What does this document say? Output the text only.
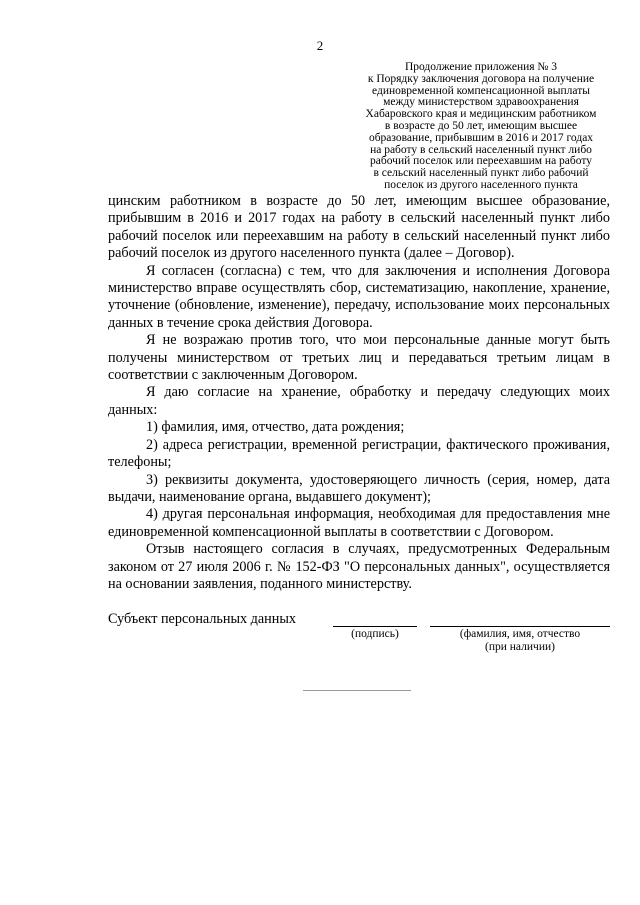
2
Продолжение приложения № 3
к Порядку заключения договора на получение
единовременной компенсационной выплаты
между министерством здравоохранения
Хабаровского края и медицинским работником
в возрасте до 50 лет, имеющим высшее
образование, прибывшим в 2016 и 2017 годах
на работу в сельский населенный пункт либо
рабочий поселок или переехавшим на работу
в сельский населенный пункт либо рабочий
поселок из другого населенного пункта

цинским работником в возрасте до 50 лет, имеющим высшее образование, прибывшим в 2016 и 2017 годах на работу в сельский населенный пункт либо рабочий поселок или переехавшим на работу в сельский населенный пункт либо рабочий поселок из другого населенного пункта (далее – Договор).

Я согласен (согласна) с тем, что для заключения и исполнения Договора министерство вправе осуществлять сбор, систематизацию, накопление, хранение, уточнение (обновление, изменение), передачу, использование моих персональных данных в течение срока действия Договора.

Я не возражаю против того, что мои персональные данные могут быть получены министерством от третьих лиц и передаваться третьим лицам в соответствии с заключенным Договором.

Я даю согласие на хранение, обработку и передачу следующих моих данных:

1) фамилия, имя, отчество, дата рождения;

2) адреса регистрации, временной регистрации, фактического проживания, телефоны;

3) реквизиты документа, удостоверяющего личность (серия, номер, дата выдачи, наименование органа, выдавшего документ);

4) другая персональная информация, необходимая для предоставления мне единовременной компенсационной выплаты в соответствии с Договором.

Отзыв настоящего согласия в случаях, предусмотренных Федеральным законом от 27 июля 2006 г. № 152-ФЗ "О персональных данных", осуществляется на основании заявления, поданного министерству.

Субъект персональных данных
(подпись)	(фамилия, имя, отчество
(при наличии)
